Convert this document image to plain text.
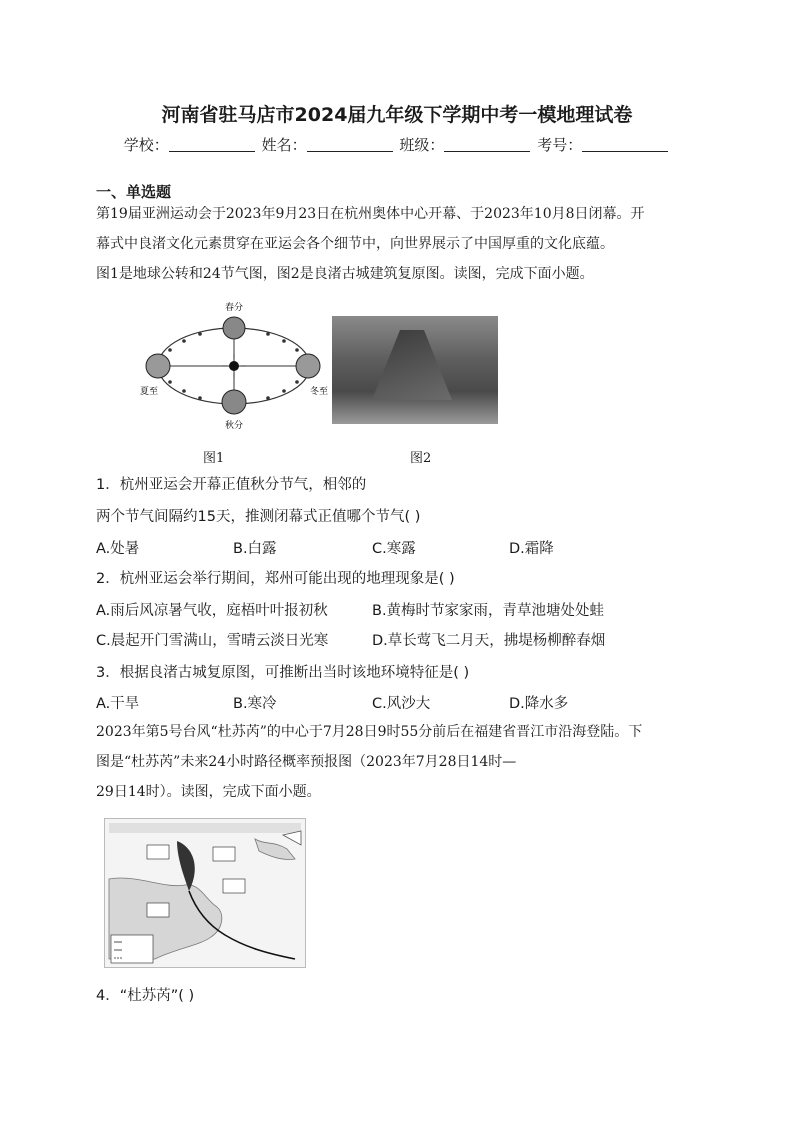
河南省驻马店市2024届九年级下学期中考一模地理试卷
学校：	姓名：	班级：	考号：
一、单选题
第19届亚洲运动会于2023年9月23日在杭州奥体中心开幕、于2023年10月8日闭幕。开
幕式中良渚文化元素贯穿在亚运会各个细节中，向世界展示了中国厚重的文化底蕴。
图1是地球公转和24节气图，图2是良渚古城建筑复原图。读图，完成下面小题。
春分
夏至	冬至
秋分
图1	图2
1．杭州亚运会开幕正值秋分节气，相邻的
两个节气间隔约15天，推测闭幕式正值哪个节气( )
A.处暑	B.白露	C.寒露	D.霜降
2．杭州亚运会举行期间，郑州可能出现的地理现象是( )
A.雨后风凉暑气收，庭梧叶叶报初秋	B.黄梅时节家家雨，青草池塘处处蛙
C.晨起开门雪满山，雪晴云淡日光寒	D.草长莺飞二月天，拂堤杨柳醉春烟
3．根据良渚古城复原图，可推断出当时该地环境特征是( )
A.干旱	B.寒冷	C.风沙大	D.降水多
2023年第5号台风“杜苏芮”的中心于7月28日9时55分前后在福建省晋江市沿海登陆。下
图是“杜苏芮”未来24小时路径概率预报图（2023年7月28日14时—
29日14时）。读图，完成下面小题。
4．“杜苏芮”( )
